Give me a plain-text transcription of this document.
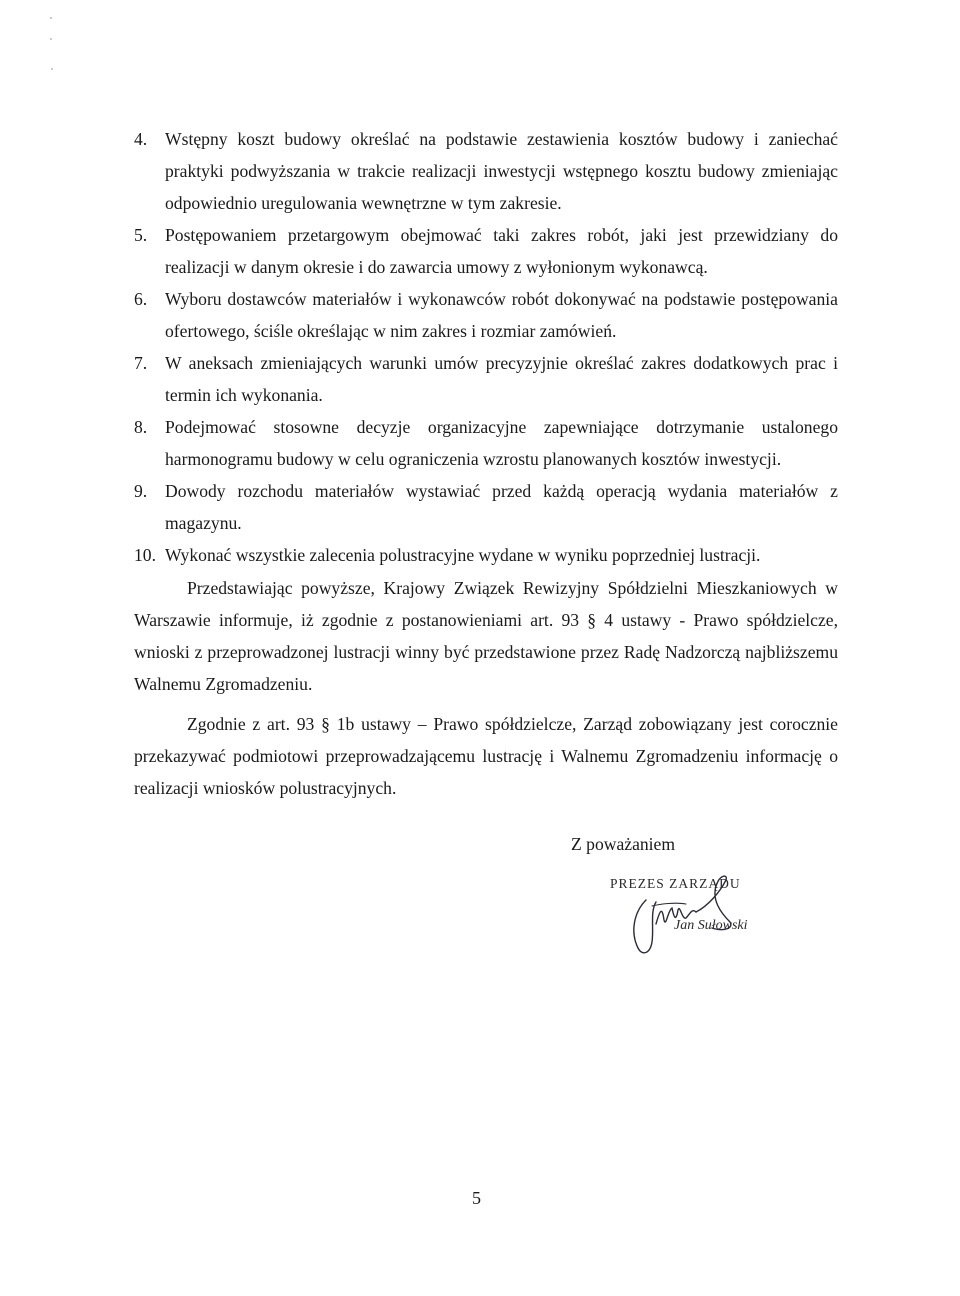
4.	Wstępny koszt budowy określać na podstawie zestawienia kosztów budowy i zaniechać praktyki podwyższania w trakcie realizacji inwestycji wstępnego kosztu budowy zmieniając odpowiednio uregulowania wewnętrzne w tym zakresie.
5.	Postępowaniem przetargowym obejmować taki zakres robót, jaki jest przewidziany do realizacji w danym okresie i do zawarcia umowy z wyłonionym wykonawcą.
6.	Wyboru dostawców materiałów i wykonawców robót dokonywać na podstawie postępowania ofertowego, ściśle określając w nim zakres i rozmiar zamówień.
7.	W aneksach zmieniających warunki umów precyzyjnie określać zakres dodatkowych prac i termin ich wykonania.
8.	Podejmować stosowne decyzje organizacyjne zapewniające dotrzymanie ustalonego harmonogramu budowy w celu ograniczenia wzrostu planowanych kosztów inwestycji.
9.	Dowody rozchodu materiałów wystawiać przed każdą operacją wydania materiałów z magazynu.
10. Wykonać wszystkie zalecenia polustracyjne wydane w wyniku poprzedniej lustracji.

Przedstawiając powyższe, Krajowy Związek Rewizyjny Spółdzielni Mieszkaniowych w Warszawie informuje, iż zgodnie z postanowieniami art. 93 § 4 ustawy - Prawo spółdzielcze, wnioski z przeprowadzonej lustracji winny być przedstawione przez Radę Nadzorczą najbliższemu Walnemu Zgromadzeniu.

Zgodnie z art. 93 § 1b ustawy – Prawo spółdzielcze, Zarząd zobowiązany jest corocznie przekazywać podmiotowi przeprowadzającemu lustrację i Walnemu Zgromadzeniu informację o realizacji wniosków polustracyjnych.

Z poważaniem
PREZES ZARZĄDU
Jan Sułowski
5
